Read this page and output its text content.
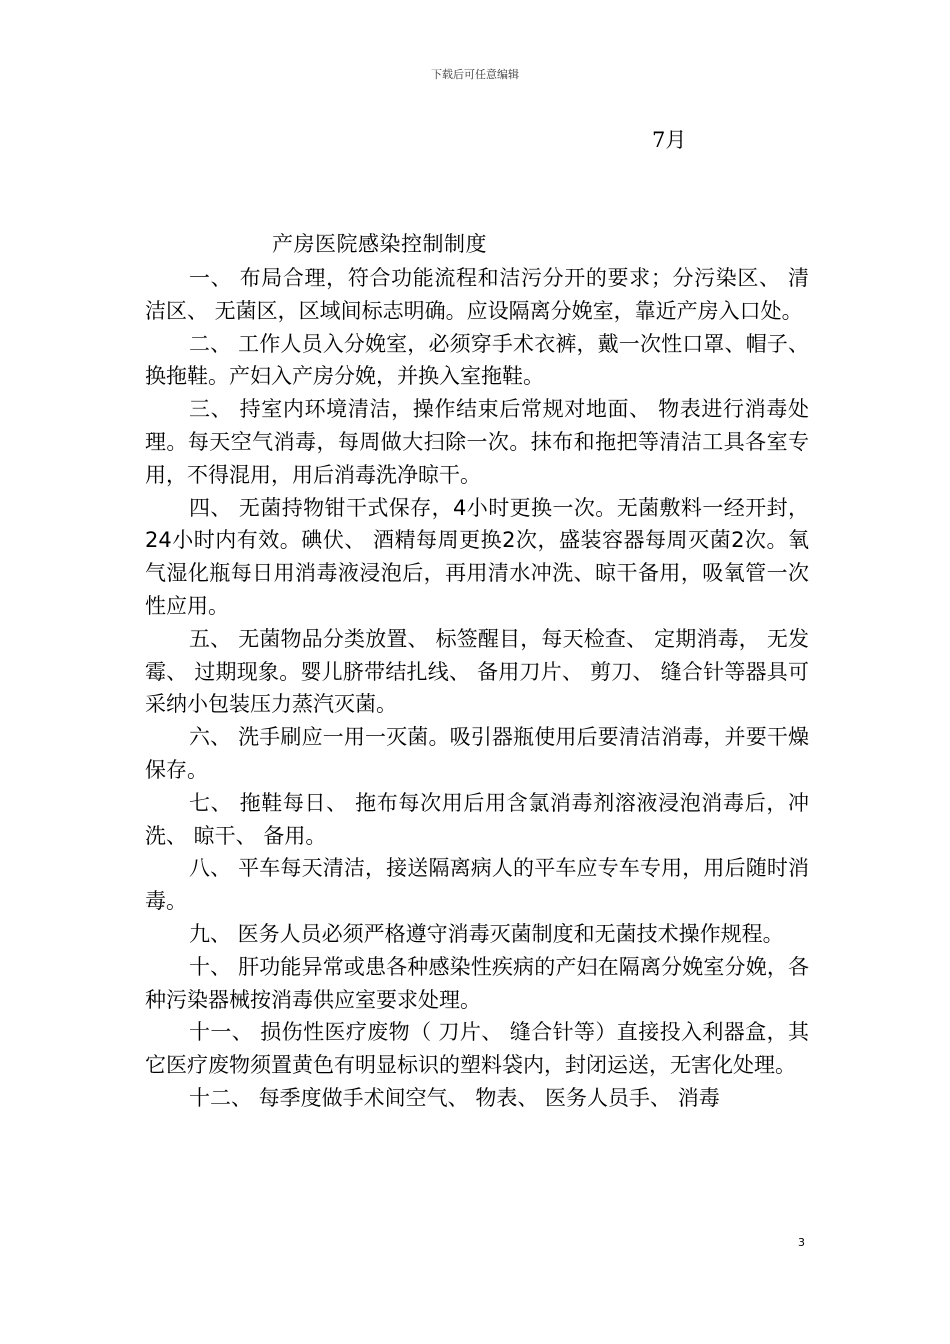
下载后可任意编辑
7月
产房医院感染控制制度

一、 布局合理，符合功能流程和洁污分开的要求；分污染区、 清洁区、 无菌区，区域间标志明确。应设隔离分娩室，靠近产房入口处。

二、 工作人员入分娩室，必须穿手术衣裤，戴一次性口罩、帽子、 换拖鞋。产妇入产房分娩，并换入室拖鞋。

三、 持室内环境清洁，操作结束后常规对地面、 物表进行消毒处理。每天空气消毒，每周做大扫除一次。抹布和拖把等清洁工具各室专用，不得混用，用后消毒洗净晾干。

四、 无菌持物钳干式保存，4小时更换一次。无菌敷料一经开封， 24小时内有效。碘伏、 酒精每周更换2次，盛装容器每周灭菌2次。氧气湿化瓶每日用消毒液浸泡后，再用清水冲洗、晾干备用，吸氧管一次性应用。

五、 无菌物品分类放置、 标签醒目，每天检查、 定期消毒， 无发霉、 过期现象。婴儿脐带结扎线、 备用刀片、 剪刀、 缝合针等器具可采纳小包装压力蒸汽灭菌。

六、 洗手刷应一用一灭菌。吸引器瓶使用后要清洁消毒，并要干燥保存。

七、 拖鞋每日、 拖布每次用后用含氯消毒剂溶液浸泡消毒后，冲洗、 晾干、 备用。

八、 平车每天清洁，接送隔离病人的平车应专车专用，用后随时消毒。

九、 医务人员必须严格遵守消毒灭菌制度和无菌技术操作规程。

十、 肝功能异常或患各种感染性疾病的产妇在隔离分娩室分娩，各种污染器械按消毒供应室要求处理。

十一、 损伤性医疗废物（ 刀片、 缝合针等）直接投入利器盒，其它医疗废物须置黄色有明显标识的塑料袋内，封闭运送，无害化处理。

十二、 每季度做手术间空气、 物表、 医务人员手、 消毒

3
